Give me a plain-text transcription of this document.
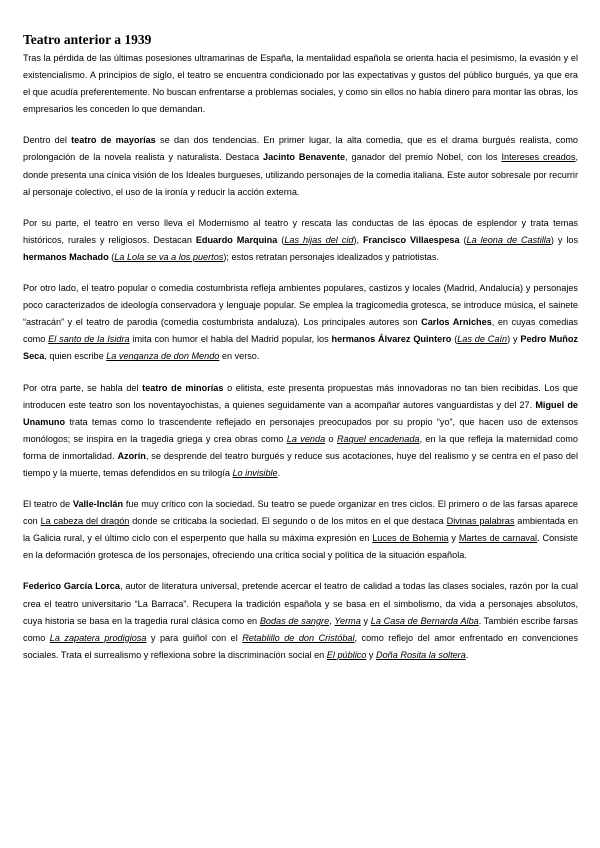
Teatro anterior a 1939

Tras la pérdida de las últimas posesiones ultramarinas de España, la mentalidad española se orienta hacia el pesimismo, la evasión y el existencialismo. A principios de siglo, el teatro se encuentra condicionado por las expectativas y gustos del público burgués, ya que era el que acudía preferentemente. No buscan enfrentarse a problemas sociales, y como sin ellos no había dinero para montar las obras, los empresarios les conceden lo que demandan.

Dentro del teatro de mayorías se dan dos tendencias. En primer lugar, la alta comedia, que es el drama burgués realista, como prolongación de la novela realista y naturalista. Destaca Jacinto Benavente, ganador del premio Nobel, con los Intereses creados, donde presenta una cínica visión de los Ideales burgueses, utilizando personajes de la comedia italiana. Este autor sobresale por recurrir al personaje colectivo, el uso de la ironía y reducir la acción externa.

Por su parte, el teatro en verso lleva el Modernismo al teatro y rescata las conductas de las épocas de esplendor y trata temas históricos, rurales y religiosos. Destacan Eduardo Marquina (Las hijas del cid), Francisco Villaespesa (La leona de Castilla) y los hermanos Machado (La Lola se va a los puertos); estos retratan personajes idealizados y patriotistas.

Por otro lado, el teatro popular o comedia costumbrista refleja ambientes populares, castizos y locales (Madrid, Andalucía) y personajes poco caracterizados de ideología conservadora y lenguaje popular. Se emplea la tragicomedia grotesca, se introduce música, el sainete “astracán” y el teatro de parodia (comedia costumbrista andaluza). Los principales autores son Carlos Arniches, en cuyas comedias como El santo de la Isidra imita con humor el habla del Madrid popular, los hermanos Álvarez Quintero (Las de Caín) y Pedro Muñoz Seca, quien escribe La venganza de don Mendo en verso.

Por otra parte, se habla del teatro de minorías o elitista, este presenta propuestas más innovadoras no tan bien recibidas. Los que introducen este teatro son los noventayochistas, a quienes seguidamente van a acompañar autores vanguardistas y del 27. Miguel de Unamuno trata temas como lo trascendente reflejado en personajes preocupados por su propio “yo”, que hacen uso de extensos monólogos; se inspira en la tragedia griega y crea obras como La venda o Raquel encadenada, en la que refleja la maternidad como forma de inmortalidad. Azorín, se desprende del teatro burgués y reduce sus acotaciones, huye del realismo y se centra en el paso del tiempo y la muerte, temas defendidos en su trilogía Lo invisible.

El teatro de Valle-Inclán fue muy crítico con la sociedad. Su teatro se puede organizar en tres ciclos. El primero o de las farsas aparece con La cabeza del dragón donde se criticaba la sociedad. El segundo o de los mitos en el que destaca Divinas palabras ambientada en la Galicia rural, y el último ciclo con el esperpento que halla su máxima expresión en Luces de Bohemia y Martes de carnaval. Consiste en la deformación grotesca de los personajes, ofreciendo una crítica social y política de la situación española.

Federico García Lorca, autor de literatura universal, pretende acercar el teatro de calidad a todas las clases sociales, razón por la cual crea el teatro universitario “La Barraca”. Recupera la tradición española y se basa en el simbolismo, da vida a personajes absolutos, cuya historia se basa en la tragedia rural clásica como en Bodas de sangre, Yerma y La Casa de Bernarda Alba. También escribe farsas como La zapatera prodigiosa y para guiñol con el Retablillo de don Cristóbal, como reflejo del amor enfrentado en convenciones sociales. Trata el surrealismo y reflexiona sobre la discriminación social en El público y Doña Rosita la soltera.
